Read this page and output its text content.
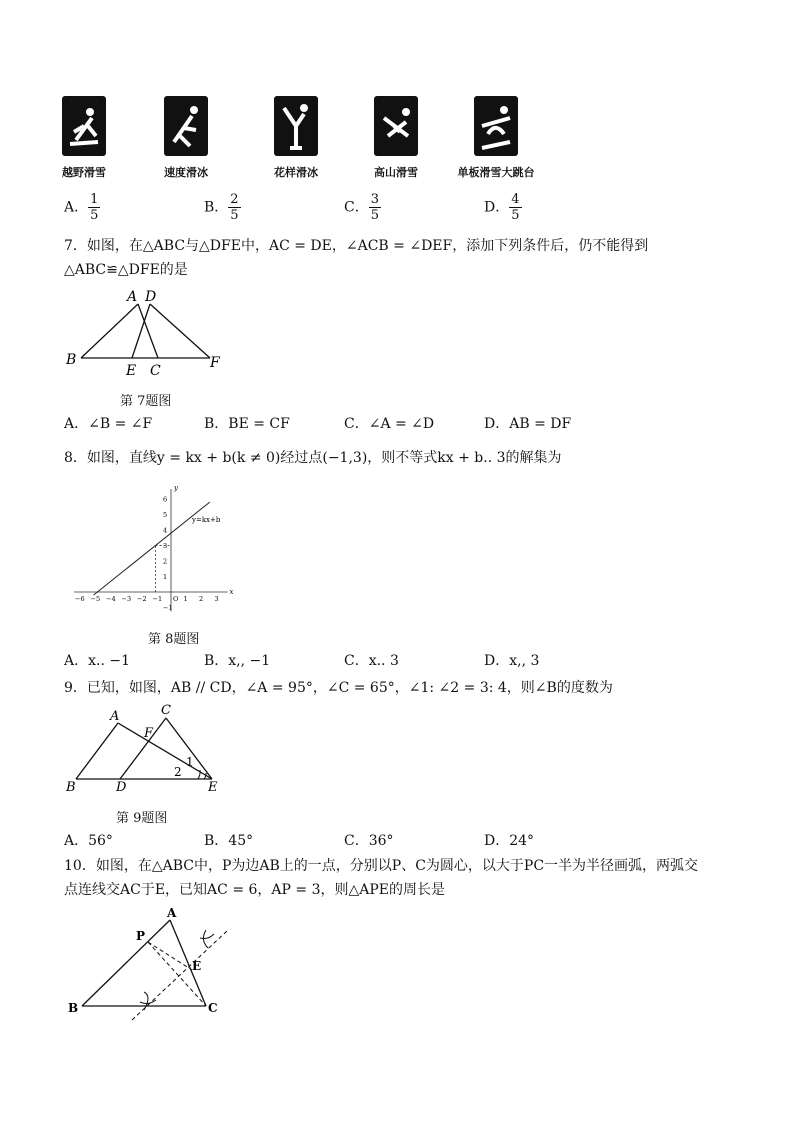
越野滑雪	速度滑冰	花样滑冰	高山滑雪	单板滑雪大跳台
A． $\frac{1}{5}$	B． $\frac{2}{5}$	C． $\frac{3}{5}$	D． $\frac{4}{5}$
7．如图，在△ABC与△DFE中，AC = DE，∠ACB = ∠DEF，添加下列条件后，仍不能得到
△ABC≌△DFE的是
A D
B
E C	F
第 7题图
A．∠B = ∠F	B．BE = CF	C．∠A = ∠D	D．AB = DF
8．如图，直线y = kx + b(k ≠ 0)经过点(−1,3)，则不等式kx + b.. 3的解集为
x
y
−6 −5 −4 −3 −2 −1 O 1 2 3
−1
1
2
3
4
5
6
y=kx+b
第 8题图
A．x.. −1	B．x,, −1	C．x.. 3	D．x,, 3
9．已知，如图，AB // CD，∠A = 95°，∠C = 65°，∠1: ∠2 = 3: 4，则∠B的度数为
A	C
F
B	D	E
1
2
第 9题图
A．56°	B．45°	C．36°	D．24°
10．如图，在△ABC中，P为边AB上的一点，分别以P、C为圆心，以大于PC一半为半径画弧，两弧交
点连线交AC于E，已知AC = 6，AP = 3，则△APE的周长是
A
P
E
B	C
